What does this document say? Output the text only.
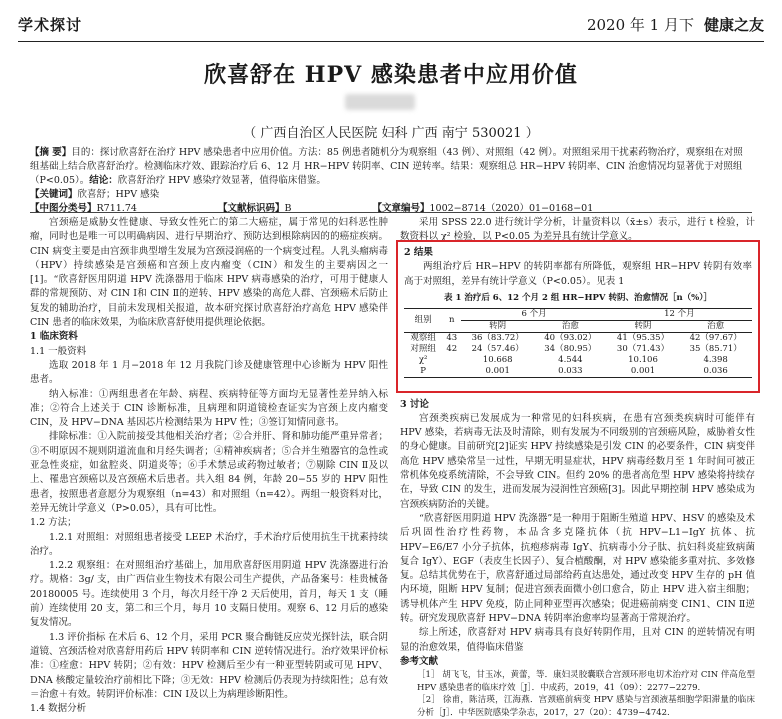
学术探讨	2020 年 1 月下 健康之友
欣喜舒在 HPV 感染患者中应用价值
（ 广西自治区人民医院 妇科 广西 南宁 530021 ）
【摘 要】目的：探讨欣喜舒在治疗 HPV 感染患者中应用价值。方法：85 例患者随机分为观察组（43 例）、对照组（42 例）。对照组采用干扰素药物治疗，观察组在对照组基础上结合欣喜舒治疗。检测临床疗效、跟踪治疗后 6、12 月 HR−HPV 转阴率、CIN 逆转率。结果：观察组总 HR−HPV 转阴率、CIN 治愈情况均显著优于对照组（P<0.05）。结论：欣喜舒治疗 HPV 感染疗效显著，值得临床借鉴。
【关键词】欣喜舒；HPV 感染
【中图分类号】R711.74	【文献标识码】B	【文章编号】1002−8714（2020）01−0168−01

宫颈癌是威胁女性健康、导致女性死亡的第二大癌症，属于常见的妇科恶性肿瘤，同时也是唯一可以明确病因、进行早期治疗、预防达到根除病因的的癌症疾病。CIN 病变主要是由宫颈非典型增生发展为宫颈浸润癌的一个病变过程。人乳头瘤病毒（HPV）持续感染是宫颈癌和宫颈上皮内瘤变（CIN）和发生的主要病因之一[1]。“欣喜舒医用阴道 HPV 洗涤器用于临床 HPV 病毒感染的治疗，可用于健康人群的常规预防、对 CIN Ⅰ和 CIN Ⅱ的逆转、HPV 感染的高危人群、宫颈癌术后防止复发的辅助治疗，目前未发现相关报道，故本研究探讨欣喜舒治疗高危 HPV 感染伴 CIN 患者的临床效果，为临床欣喜舒使用提供理论依据。

1 临床资料

1.1 一般资料

选取 2018 年 1 月−2018 年 12 月我院门诊及健康管理中心诊断为 HPV 阳性患者。

纳入标准：①两组患者在年龄、病程、疾病特征等方面均无显著性差异纳入标准；②符合上述关于 CIN 诊断标准，且病理和阴道镜检查证实为宫颈上皮内瘤变 CIN，及 HPV−DNA 基因芯片检测结果为 HPV 性；③签订知情同意书。

排除标准：①入院前接受其他相关治疗者；②合并肝、肾和肺功能严重异常者；③不明原因不规则阴道流血和月经失调者；④精神疾病者；⑤合并生殖器官的急性或亚急性炎症，如盆腔炎、阴道炎等；⑥手术禁忌或药物过敏者；⑦剔除 CIN Ⅱ及以上、罹患宫颈癌以及宫颈癌术后患者。共入组 84 例，年龄 20−55 岁的 HPV 阳性患者，按照患者意愿分为观察组（n=43）和对照组（n=42）。两组一般资料对比，差异无统计学意义（P>0.05），具有可比性。

1.2 方法；

1.2.1 对照组：对照组患者接受 LEEP 术治疗，手术治疗后使用抗生干扰素持续治疗。

1.2.2 观察组：在对照组治疗基础上，加用欣喜舒医用阴道 HPV 洗涤器进行治疗。规格：3g/ 支，由广西信业生物技术有限公司生产提供，产品备案号：桂贵械备 20180005 号。连续使用 3 个月，每次月经干净 2 天后使用，首月，每天 1 支（睡前）连续使用 20 支，第二和三个月，每月 10 支隔日使用。观察 6、12 月后的感染复发情况。

1.3 评价指标 在术后 6、12 个月，采用 PCR 聚合酶链反应荧光探针法，联合阴道镜、宫颈活检对欣喜舒用药后 HPV 转阴率和 CIN 逆转情况进行。治疗效果评价标准：①痊愈：HPV 转阴；②有效：HPV 检测后至少有一种亚型转阴或可见 HPV、DNA 核酸定量较治疗前相比下降；③无效：HPV 检测后仍表现为持续阳性；总有效＝治愈＋有效。转阴评价标准：CIN Ⅰ及以上为病理诊断阳性。

1.4 数据分析

采用 SPSS 22.0 进行统计学分析，计量资料以（x̄±s）表示，进行 t 检验，计数资料以 χ² 检验，以 P<0.05 为差异具有统计学意义。

3 讨论

宫颈类疾病已发展成为一种常见的妇科疾病，在患有宫颈类疾病时可能伴有 HPV 感染，若病毒无法及时清除，则有发展为不同级别的宫颈癌风险，威胁着女性的身心健康。目前研究[2]证实 HPV 持续感染是引发 CIN 的必要条件，CIN 病变伴高危 HPV 感染常呈一过性，早期无明显症状，HPV 病毒经数月至 1 年时间可被正常机体免疫系统清除，不会导致 CIN。但约 20% 的患者高危型 HPV 感染将持续存在，导致 CIN 的发生，进而发展为浸润性宫颈癌[3]。因此早期控制 HPV 感染成为宫颈疾病防治的关键。

“欣喜舒医用阴道 HPV 洗涤器”是一种用于阻断生殖道 HPV、HSV 的感染及术后巩固性治疗性药物，本品含多克隆抗体（抗 HPV−L1−IgY 抗体、抗 HPV−E6/E7 小分子抗体，抗疱疹病毒 IgY、抗病毒小分子肽、抗妇科炎症致病菌复合 IgY）、EGF（表皮生长因子）、复合植酸酮，对 HPV 感染能多重对抗、多效修复。总结其优势在于，欣喜舒通过局部给药直达患处，通过改变 HPV 生存的 pH 值内环境，阻断 HPV 复制；促进宫颈表面微小创口愈合，防止 HPV 进入宿主细胞；诱导机体产生 HPV 免疫，防止同种亚型再次感染；促进癌前病变 CIN1、CIN Ⅱ逆转。研究发现欣喜舒 HPV−DNA 转阴率治愈率均显著高于常规治疗。

综上所述，欣喜舒对 HPV 病毒具有良好转阴作用，且对 CIN 的逆转情况有明显的治愈效果，值得临床借鉴

参考文献

［1］ 胡飞飞，甘玉冰，黄蕾，等．康妇灵胶囊联合宫颈环形电切术治疗对 CIN 伴高危型 HPV 感染患者的临床疗效［J］．中成药，2019，41（09）：2277−2279.

［2］ 徐甫，陈洁瑛，江海燕．宫颈癌前病变 HPV 感染与宫颈液基细胞学阳滞量的临床分析［J］．中华医院感染学杂志，2017，27（20）：4739−4742.

2 结果

两组治疗后 HR−HPV 的转阴率都有所降低，观察组 HR−HPV 转阴有效率高于对照组，差异有统计学意义（P<0.05）。见表 1

表 1 治疗后 6、12 个月 2 组 HR−HPV 转阴、治愈情况［n（%）］
组别	n	6 个月		12 个月	
		转阴	治愈	转阴	治愈
观察组	43	36（83.72）	40（93.02）	41（95.35）	42（97.67）
对照组	42	24（57.46）	34（80.95）	30（71.43）	35（85.71）
χ²		10.668	4.544	10.106	4.398
P		0.001	0.033	0.001	0.036
